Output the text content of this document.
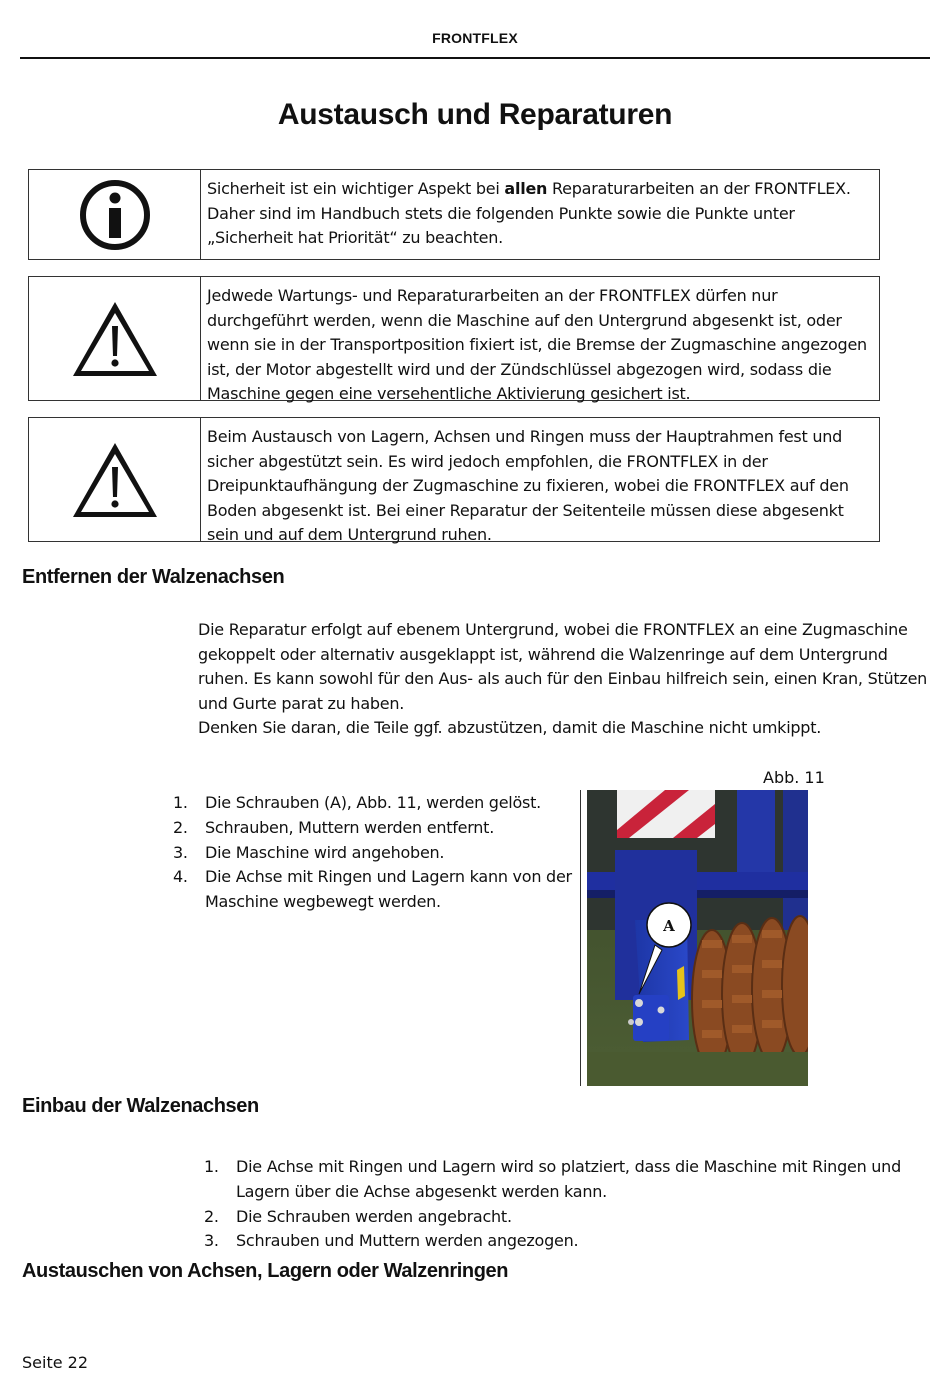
FRONTFLEX
Austausch und Reparaturen
Sicherheit ist ein wichtiger Aspekt bei allen Reparaturarbeiten an der FRONTFLEX. Daher sind im Handbuch stets die folgenden Punkte sowie die Punkte unter „Sicherheit hat Priorität“ zu beachten.
Jedwede Wartungs- und Reparaturarbeiten an der FRONTFLEX dürfen nur durchgeführt werden, wenn die Maschine auf den Untergrund abgesenkt ist, oder wenn sie in der Transportposition fixiert ist, die Bremse der Zugmaschine angezogen ist, der Motor abgestellt wird und der Zündschlüssel abgezogen wird, sodass die Maschine gegen eine versehentliche Aktivierung gesichert ist.
Beim Austausch von Lagern, Achsen und Ringen muss der Hauptrahmen fest und sicher abgestützt sein. Es wird jedoch empfohlen, die FRONTFLEX in der Dreipunktaufhängung der Zugmaschine zu fixieren, wobei die FRONTFLEX auf den Boden abgesenkt ist. Bei einer Reparatur der Seitenteile müssen diese abgesenkt sein und auf dem Untergrund ruhen.
Entfernen der Walzenachsen
Die Reparatur erfolgt auf ebenem Untergrund, wobei die FRONTFLEX an eine Zugmaschine gekoppelt oder alternativ ausgeklappt ist, während die Walzenringe auf dem Untergrund ruhen. Es kann sowohl für den Aus- als auch für den Einbau hilfreich sein, einen Kran, Stützen und Gurte parat zu haben.
Denken Sie daran, die Teile ggf. abzustützen, damit die Maschine nicht umkippt.
Abb. 11
1. Die Schrauben (A), Abb. 11, werden gelöst.
2. Schrauben, Muttern werden entfernt.
3. Die Maschine wird angehoben.
4. Die Achse mit Ringen und Lagern kann von der Maschine wegbewegt werden.
A
Einbau der Walzenachsen
1. Die Achse mit Ringen und Lagern wird so platziert, dass die Maschine mit Ringen und Lagern über die Achse abgesenkt werden kann.
2. Die Schrauben werden angebracht.
3. Schrauben und Muttern werden angezogen.
Austauschen von Achsen, Lagern oder Walzenringen
Seite 22
